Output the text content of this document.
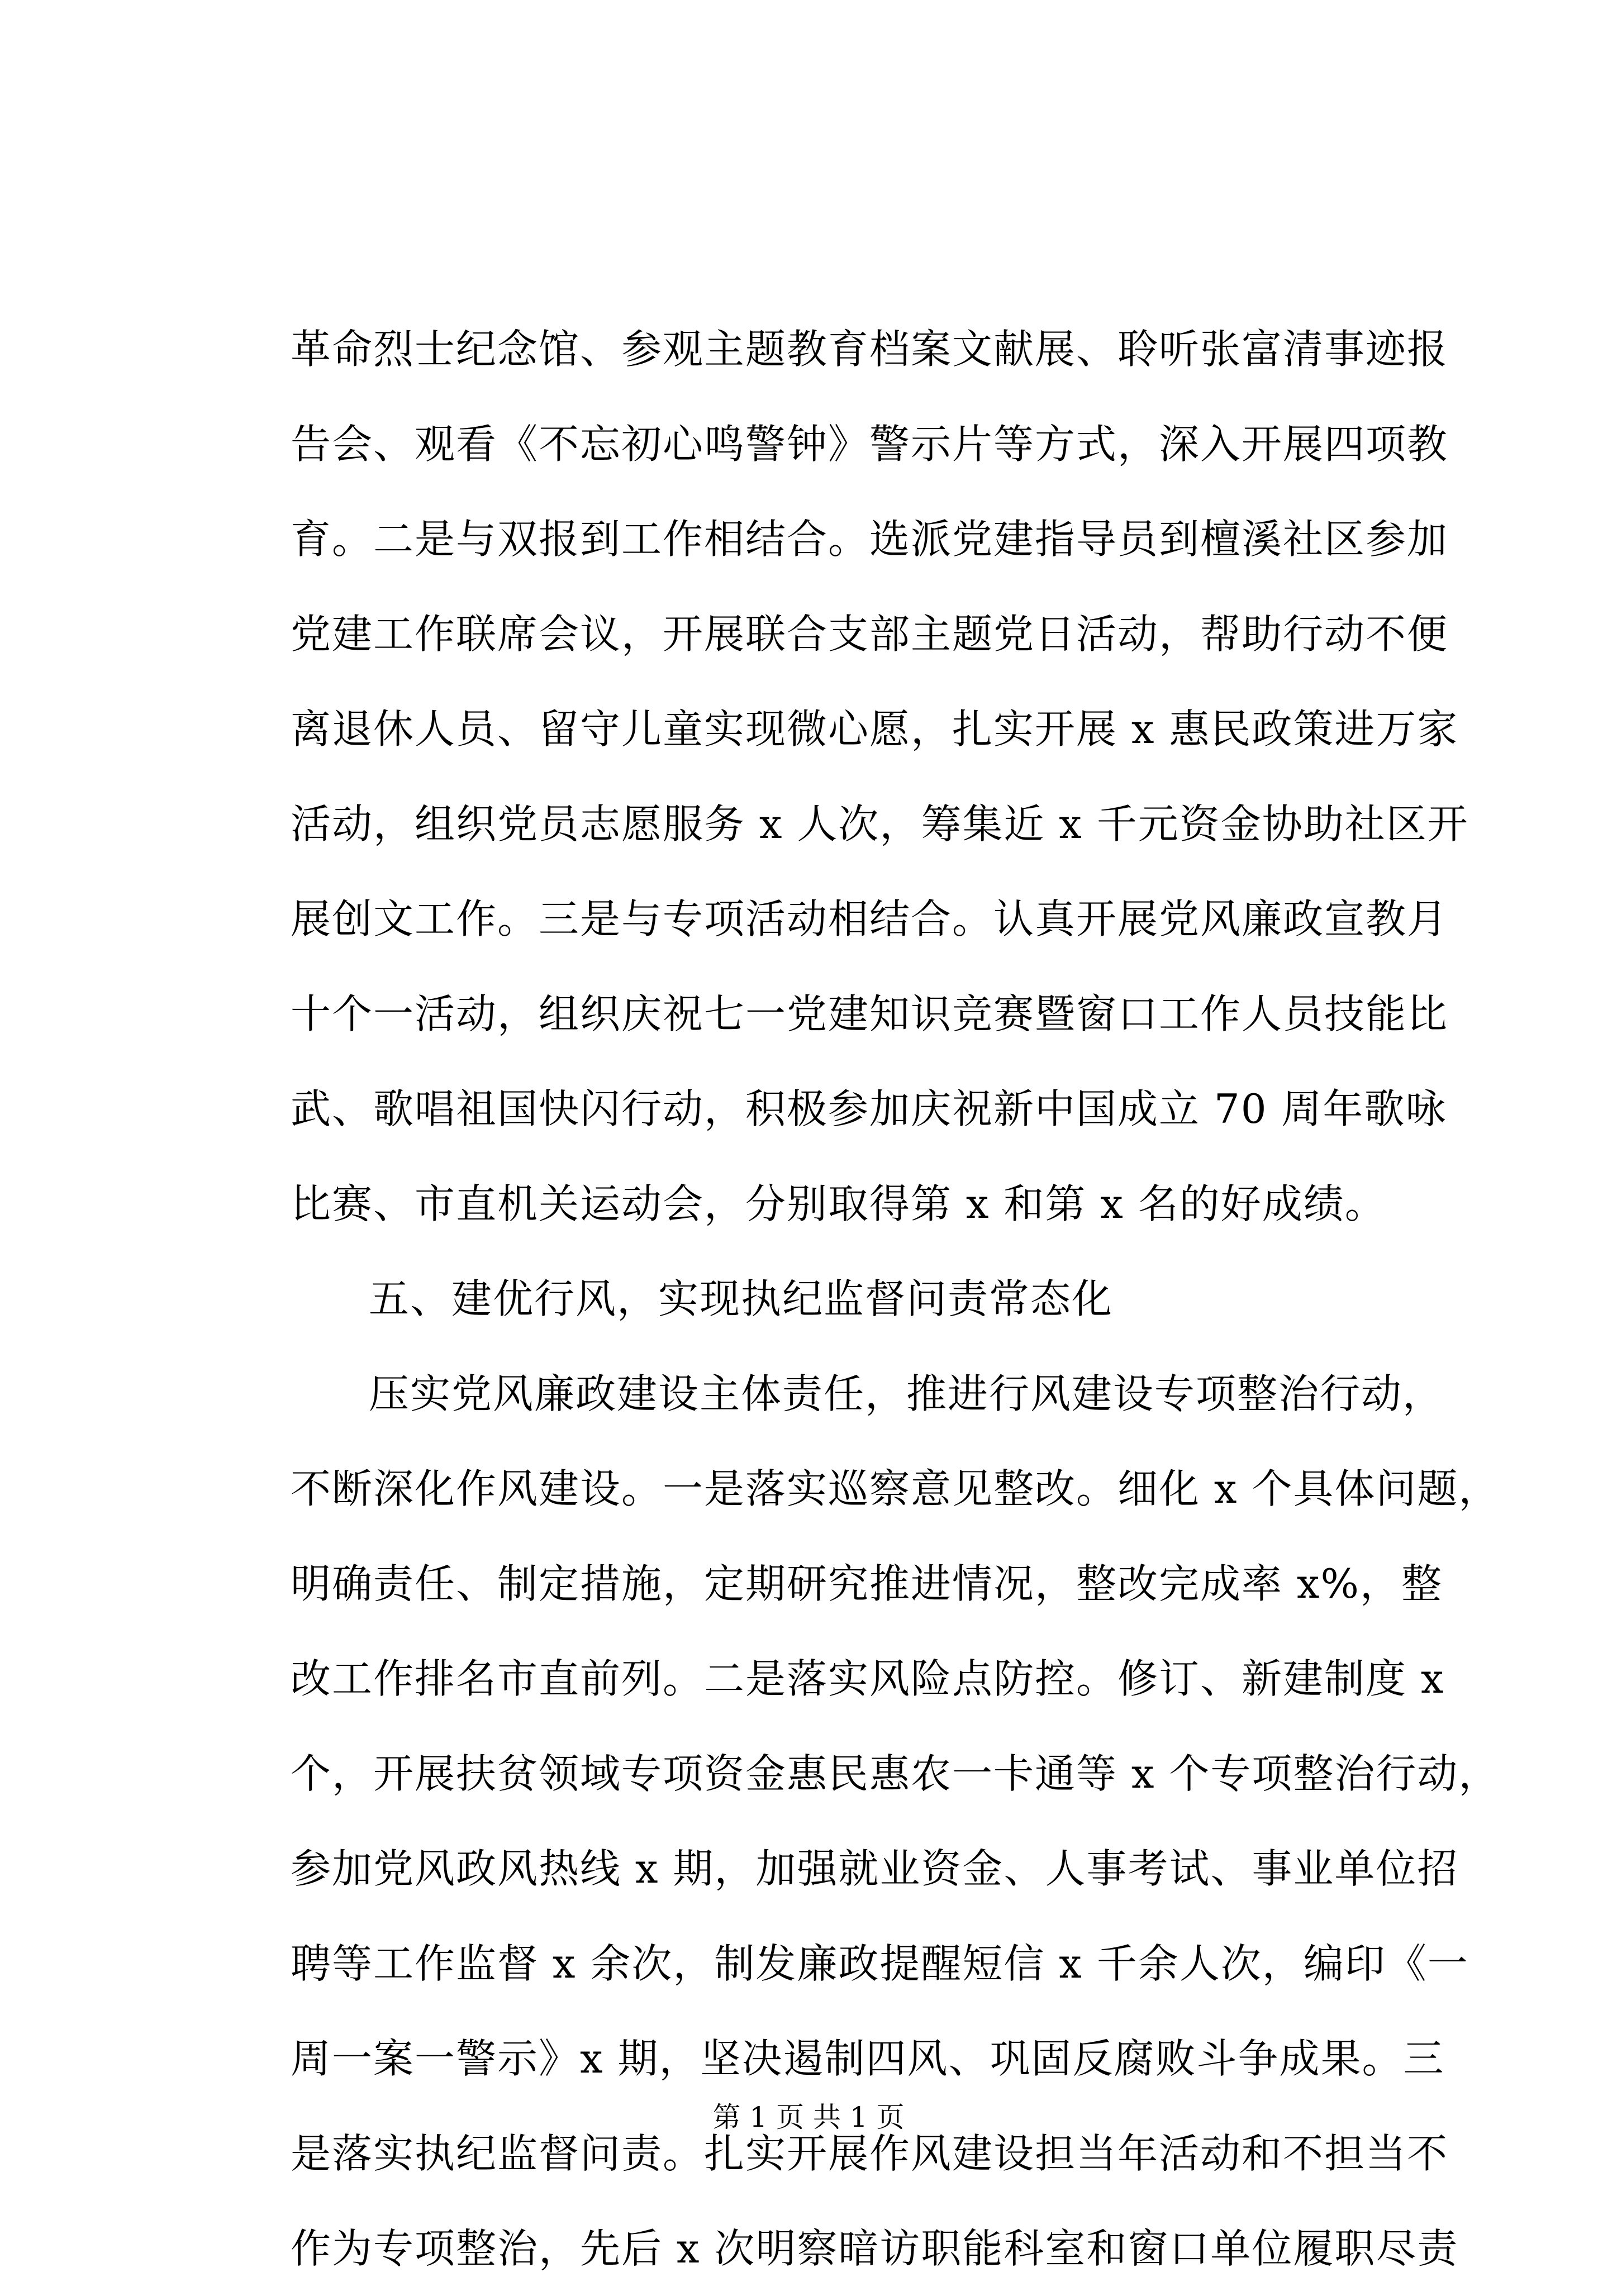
革命烈士纪念馆、参观主题教育档案文献展、聆听张富清事迹报
告会、观看《不忘初心鸣警钟》警示片等方式，深入开展四项教
育。二是与双报到工作相结合。选派党建指导员到檀溪社区参加
党建工作联席会议，开展联合支部主题党日活动，帮助行动不便
离退休人员、留守儿童实现微心愿，扎实开展 x 惠民政策进万家
活动，组织党员志愿服务 x 人次，筹集近 x 千元资金协助社区开
展创文工作。三是与专项活动相结合。认真开展党风廉政宣教月
十个一活动，组织庆祝七一党建知识竞赛暨窗口工作人员技能比
武、歌唱祖国快闪行动，积极参加庆祝新中国成立 70 周年歌咏
比赛、市直机关运动会，分别取得第 x 和第 x 名的好成绩。
五、建优行风，实现执纪监督问责常态化
压实党风廉政建设主体责任，推进行风建设专项整治行动，
不断深化作风建设。一是落实巡察意见整改。细化 x 个具体问题，
明确责任、制定措施，定期研究推进情况，整改完成率 x%，整
改工作排名市直前列。二是落实风险点防控。修订、新建制度 x
个，开展扶贫领域专项资金惠民惠农一卡通等 x 个专项整治行动，
参加党风政风热线 x 期，加强就业资金、人事考试、事业单位招
聘等工作监督 x 余次，制发廉政提醒短信 x 千余人次，编印《一
周一案一警示》x 期，坚决遏制四风、巩固反腐败斗争成果。三
是落实执纪监督问责。扎实开展作风建设担当年活动和不担当不
作为专项整治，先后 x 次明察暗访职能科室和窗口单位履职尽责
第 1 页 共 1 页
